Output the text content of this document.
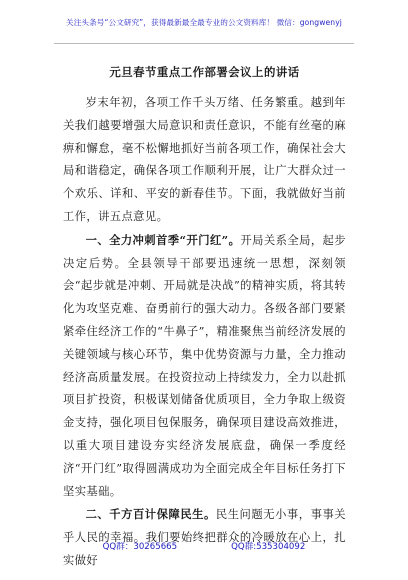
关注头条号“公文研究”，获得最新最全最专业的公文资料库！ 微信：gongwenyj
元旦春节重点工作部署会议上的讲话

岁末年初，各项工作千头万绪、任务繁重。越到年关我们越要增强大局意识和责任意识，不能有丝毫的麻痹和懈怠，毫不松懈地抓好当前各项工作，确保社会大局和谐稳定，确保各项工作顺利开展，让广大群众过一个欢乐、详和、平安的新春佳节。下面，我就做好当前工作，讲五点意见。

一、全力冲刺首季“开门红”。开局关系全局，起步决定后势。全县领导干部要迅速统一思想，深刻领会“起步就是冲刺、开局就是决战”的精神实质，将其转化为攻坚克难、奋勇前行的强大动力。各级各部门要紧紧牵住经济工作的“牛鼻子”，精准聚焦当前经济发展的关键领域与核心环节，集中优势资源与力量，全力推动经济高质量发展。在投资拉动上持续发力，全力以赴抓项目扩投资，积极谋划储备优质项目，全力争取上级资金支持，强化项目包保服务，确保项目建设高效推进，以重大项目建设夯实经济发展底盘，确保一季度经济“开门红”取得圆满成功为全面完成全年目标任务打下坚实基础。

二、千方百计保障民生。民生问题无小事，事事关乎人民的幸福。我们要始终把群众的冷暖放在心上，扎实做好

QQ群：30265665	QQ群:535304092
